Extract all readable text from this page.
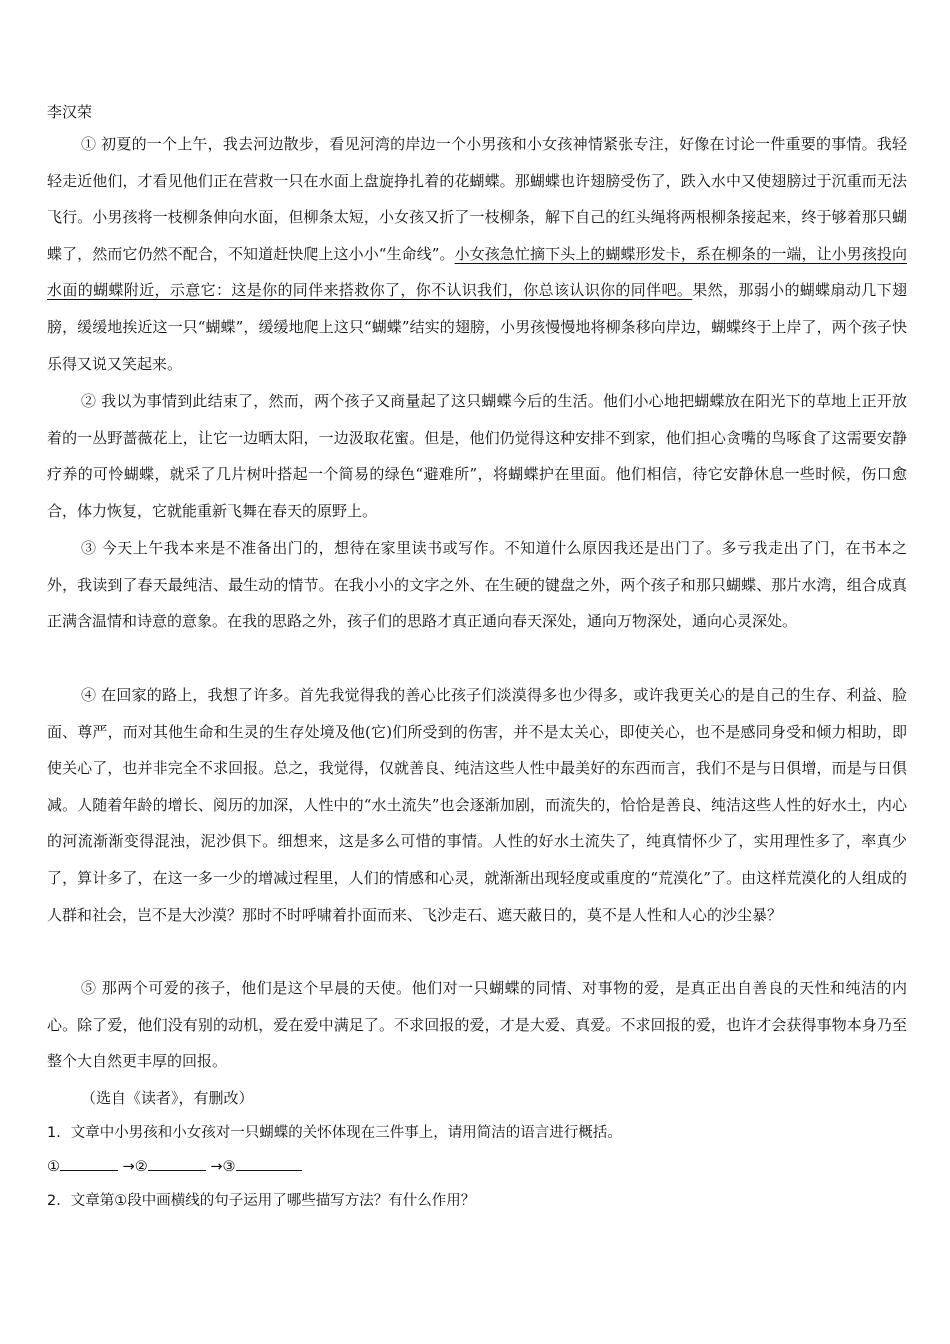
李汉荣

① 初夏的一个上午，我去河边散步，看见河湾的岸边一个小男孩和小女孩神情紧张专注，好像在讨论一件重要的事情。我轻轻走近他们，才看见他们正在营救一只在水面上盘旋挣扎着的花蝴蝶。那蝴蝶也许翅膀受伤了，跌入水中又使翅膀过于沉重而无法飞行。小男孩将一枝柳条伸向水面，但柳条太短，小女孩又折了一枝柳条，解下自己的红头绳将两根柳条接起来，终于够着那只蝴蝶了，然而它仍然不配合，不知道赶快爬上这小小“生命线”。小女孩急忙摘下头上的蝴蝶形发卡，系在柳条的一端，让小男孩投向水面的蝴蝶附近，示意它：这是你的同伴来搭救你了，你不认识我们，你总该认识你的同伴吧。果然，那弱小的蝴蝶扇动几下翅膀，缓缓地挨近这一只“蝴蝶”，缓缓地爬上这只“蝴蝶”结实的翅膀，小男孩慢慢地将柳条移向岸边，蝴蝶终于上岸了，两个孩子快乐得又说又笑起来。

② 我以为事情到此结束了，然而，两个孩子又商量起了这只蝴蝶今后的生活。他们小心地把蝴蝶放在阳光下的草地上正开放着的一丛野蔷薇花上，让它一边晒太阳，一边汲取花蜜。但是，他们仍觉得这种安排不到家，他们担心贪嘴的鸟啄食了这需要安静疗养的可怜蝴蝶，就采了几片树叶搭起一个简易的绿色“避难所”，将蝴蝶护在里面。他们相信，待它安静休息一些时候，伤口愈合，体力恢复，它就能重新飞舞在春天的原野上。

③ 今天上午我本来是不准备出门的，想待在家里读书或写作。不知道什么原因我还是出门了。多亏我走出了门，在书本之外，我读到了春天最纯洁、最生动的情节。在我小小的文字之外、在生硬的键盘之外，两个孩子和那只蝴蝶、那片水湾，组合成真正满含温情和诗意的意象。在我的思路之外，孩子们的思路才真正通向春天深处，通向万物深处，通向心灵深处。

④ 在回家的路上，我想了许多。首先我觉得我的善心比孩子们淡漠得多也少得多，或许我更关心的是自己的生存、利益、脸面、尊严，而对其他生命和生灵的生存处境及他(它)们所受到的伤害，并不是太关心，即使关心，也不是感同身受和倾力相助，即使关心了，也并非完全不求回报。总之，我觉得，仅就善良、纯洁这些人性中最美好的东西而言，我们不是与日俱增，而是与日俱减。人随着年龄的增长、阅历的加深，人性中的“水土流失”也会逐渐加剧，而流失的，恰恰是善良、纯洁这些人性的好水土，内心的河流渐渐变得混浊，泥沙俱下。细想来，这是多么可惜的事情。人性的好水土流失了，纯真情怀少了，实用理性多了，率真少了，算计多了，在这一多一少的增减过程里，人们的情感和心灵，就渐渐出现轻度或重度的“荒漠化”了。由这样荒漠化的人组成的人群和社会，岂不是大沙漠？那时不时呼啸着扑面而来、飞沙走石、遮天蔽日的，莫不是人性和人心的沙尘暴？

⑤ 那两个可爱的孩子，他们是这个早晨的天使。他们对一只蝴蝶的同情、对事物的爱，是真正出自善良的天性和纯洁的内心。除了爱，他们没有别的动机，爱在爱中满足了。不求回报的爱，才是大爱、真爱。不求回报的爱，也许才会获得事物本身乃至整个大自然更丰厚的回报。

（选自《读者》，有删改）
1．文章中小男孩和小女孩对一只蝴蝶的关怀体现在三件事上，请用简洁的语言进行概括。
①	→②	→③
2．文章第①段中画横线的句子运用了哪些描写方法？有什么作用？
